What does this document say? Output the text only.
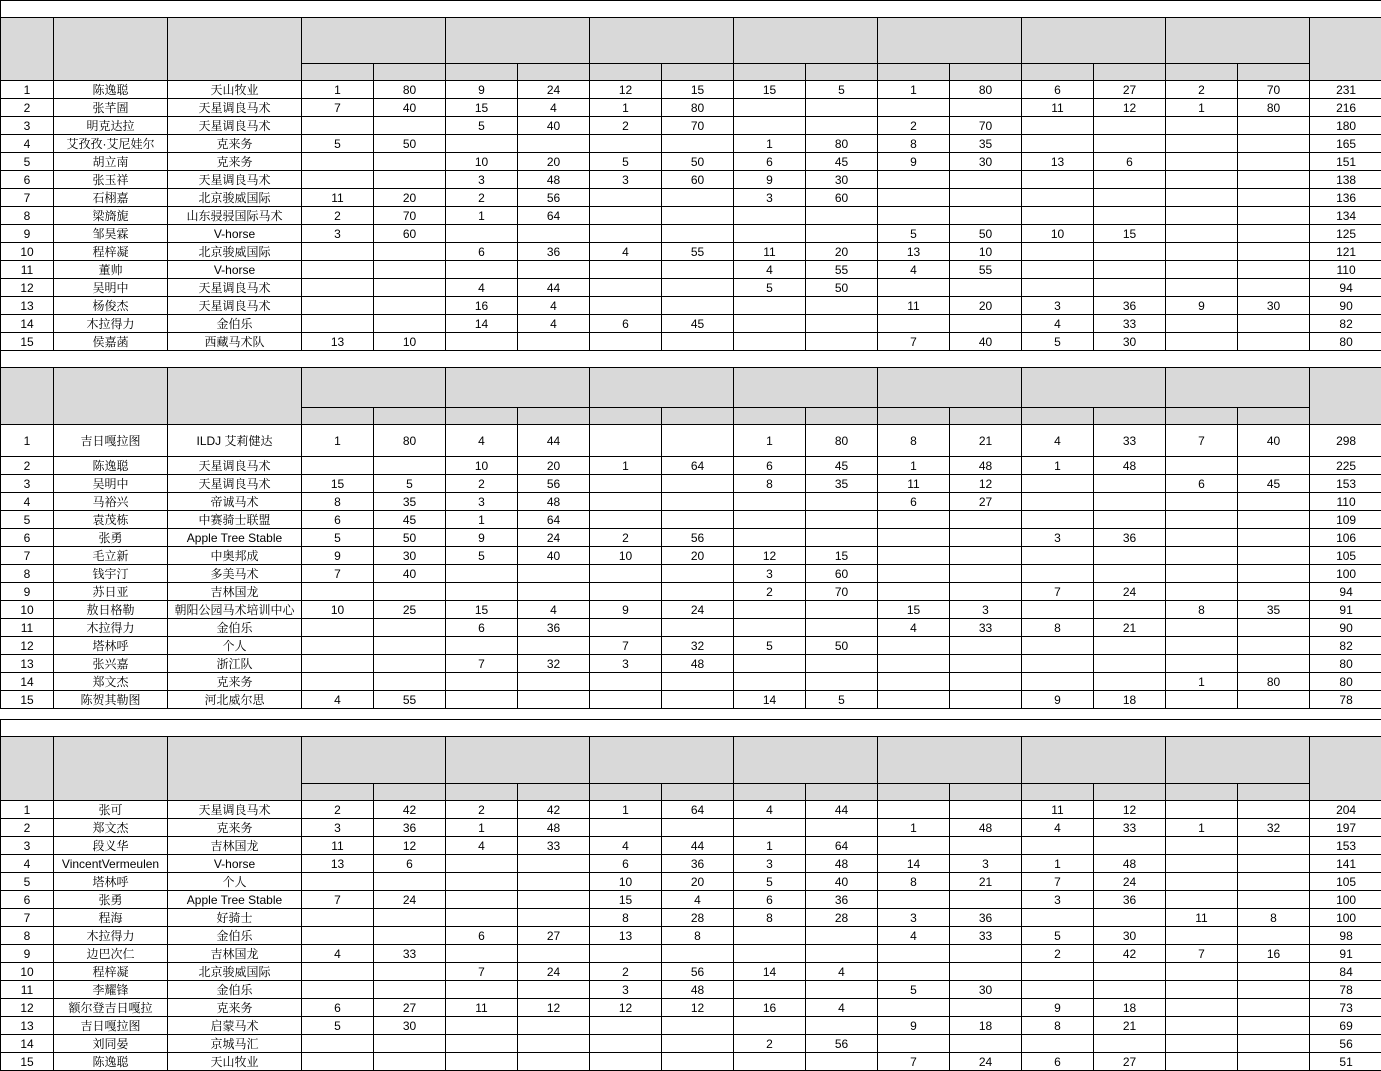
1	陈逸聪	天山牧业	1	80	9	24	12	15	15	5	1	80	6	27	2	70	231
2	张芊圄	天星调良马术	7	40	15	4	1	80					11	12	1	80	216
3	明克达拉	天星调良马术			5	40	2	70			2	70					180
4	艾孜孜·艾尼娃尔	克来务	5	50					1	80	8	35					165
5	胡立南	克来务			10	20	5	50	6	45	9	30	13	6			151
6	张玉祥	天星调良马术			3	48	3	60	9	30							138
7	石栩嘉	北京骏威国际	11	20	2	56			3	60							136
8	梁旖旎	山东骎骎国际马术	2	70	1	64											134
9	邹昊霖	V-horse	3	60							5	50	10	15			125
10	程梓凝	北京骏威国际			6	36	4	55	11	20	13	10					121
11	董帅	V-horse							4	55	4	55					110
12	吴明中	天星调良马术			4	44			5	50							94
13	杨俊杰	天星调良马术			16	4					11	20	3	36	9	30	90
14	木拉得力	金伯乐			14	4	6	45					4	33			82
15	侯嘉菡	西藏马术队	13	10							7	40	5	30			80

1	吉日嘎拉图	ILDJ 艾莉健达	1	80	4	44			1	80	8	21	4	33	7	40	298
2	陈逸聪	天星调良马术			10	20	1	64	6	45	1	48	1	48			225
3	吴明中	天星调良马术	15	5	2	56			8	35	11	12			6	45	153
4	马裕兴	帝诚马术	8	35	3	48					6	27					110
5	袁茂栋	中赛骑士联盟	6	45	1	64											109
6	张勇	Apple Tree Stable	5	50	9	24	2	56					3	36			106
7	毛立新	中奥邦成	9	30	5	40	10	20	12	15							105
8	钱宇汀	多美马术	7	40					3	60							100
9	苏日亚	吉林国龙							2	70			7	24			94
10	敖日格勒	朝阳公园马术培训中心	10	25	15	4	9	24			15	3			8	35	91
11	木拉得力	金伯乐			6	36					4	33	8	21			90
12	塔林呼	个人					7	32	5	50							82
13	张兴嘉	浙江队			7	32	3	48									80
14	郑文杰	克来务													1	80	80
15	陈贺其勒图	河北威尔思	4	55					14	5			9	18			78

1	张可	天星调良马术	2	42	2	42	1	64	4	44			11	12			204
2	郑文杰	克来务	3	36	1	48					1	48	4	33	1	32	197
3	段义华	吉林国龙	11	12	4	33	4	44	1	64							153
4	VincentVermeulen	V-horse	13	6			6	36	3	48	14	3	1	48			141
5	塔林呼	个人					10	20	5	40	8	21	7	24			105
6	张勇	Apple Tree Stable	7	24			15	4	6	36			3	36			100
7	程海	好骑士					8	28	8	28	3	36			11	8	100
8	木拉得力	金伯乐			6	27	13	8			4	33	5	30			98
9	边巴次仁	吉林国龙	4	33									2	42	7	16	91
10	程梓凝	北京骏威国际			7	24	2	56	14	4							84
11	李耀锋	金伯乐					3	48			5	30					78
12	额尔登吉日嘎拉	克来务	6	27	11	12	12	12	16	4			9	18			73
13	吉日嘎拉图	启蒙马术	5	30							9	18	8	21			69
14	刘同晏	京城马汇							2	56							56
15	陈逸聪	天山牧业									7	24	6	27			51
